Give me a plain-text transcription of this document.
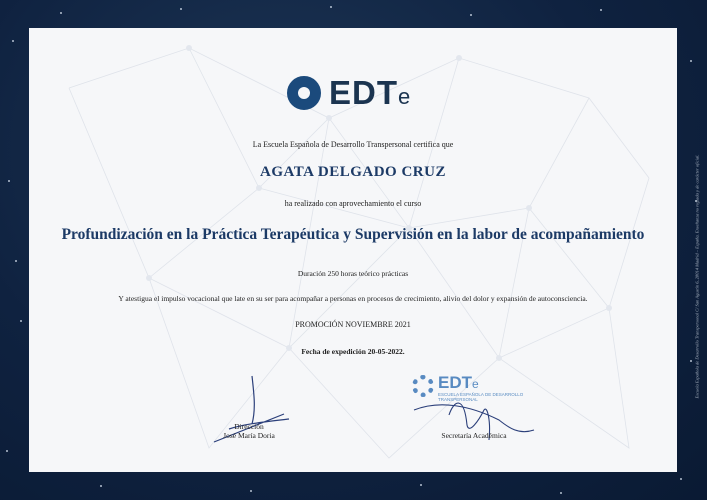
EDTe
La Escuela Española de Desarrollo Transpersonal certifica que
AGATA DELGADO CRUZ
ha realizado con aprovechamiento el curso
Profundización en la Práctica Terapéutica y Supervisión en la labor de acompañamiento
Duración 250 horas teórico prácticas
Y atestigua el impulso vocacional que late en su ser para acompañar a personas en procesos de crecimiento, alivio del dolor y expansión de autoconsciencia.
PROMOCIÓN NOVIEMBRE 2021
Fecha de expedición 20-05-2022.
Dirección
José María Doria
EDTe
ESCUELA ESPAÑOLA DE DESARROLLO TRANSPERSONAL
Secretaría Académica
Escuela Española de Desarrollo Transpersonal C/ San Agustín 6, 28014 Madrid – España. Enseñanza no reglada y de carácter oficial.
